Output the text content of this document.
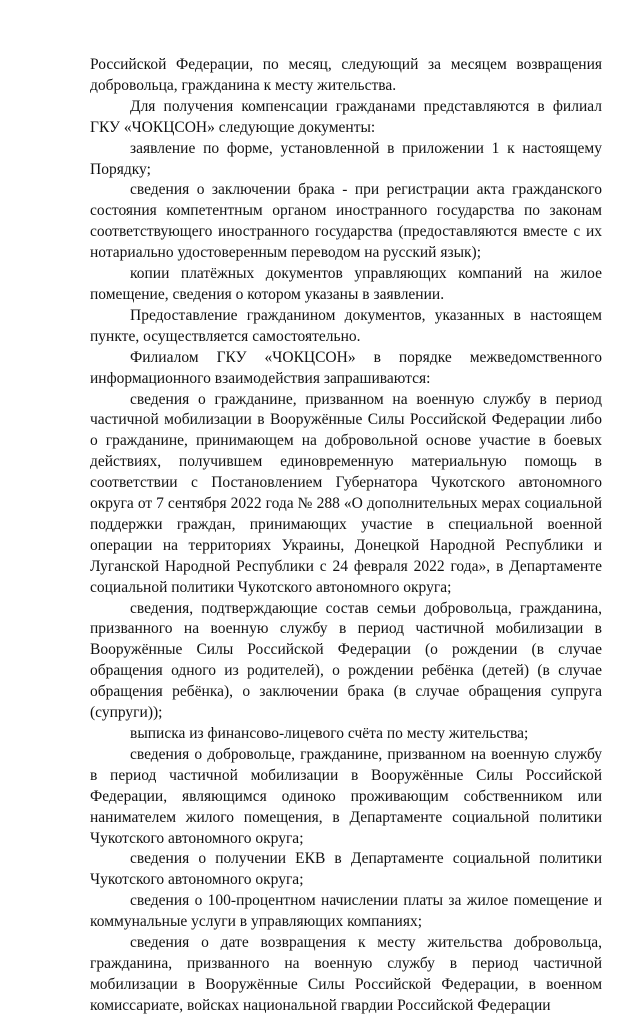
Российской Федерации, по месяц, следующий за месяцем возвращения добровольца, гражданина к месту жительства.

Для получения компенсации гражданами представляются в филиал ГКУ «ЧОКЦСОН» следующие документы:

заявление по форме, установленной в приложении 1 к настоящему Порядку;

сведения о заключении брака - при регистрации акта гражданского состояния компетентным органом иностранного государства по законам соответствующего иностранного государства (предоставляются вместе с их нотариально удостоверенным переводом на русский язык);

копии платёжных документов управляющих компаний на жилое помещение, сведения о котором указаны в заявлении.

Предоставление гражданином документов, указанных в настоящем пункте, осуществляется самостоятельно.

Филиалом ГКУ «ЧОКЦСОН» в порядке межведомственного информационного взаимодействия запрашиваются:

сведения о гражданине, призванном на военную службу в период частичной мобилизации в Вооружённые Силы Российской Федерации либо о гражданине, принимающем на добровольной основе участие в боевых действиях, получившем единовременную материальную помощь в соответствии с Постановлением Губернатора Чукотского автономного округа от 7 сентября 2022 года № 288 «О дополнительных мерах социальной поддержки граждан, принимающих участие в специальной военной операции на территориях Украины, Донецкой Народной Республики и Луганской Народной Республики с 24 февраля 2022 года», в Департаменте социальной политики Чукотского автономного округа;

сведения, подтверждающие состав семьи добровольца, гражданина, призванного на военную службу в период частичной мобилизации в Вооружённые Силы Российской Федерации (о рождении (в случае обращения одного из родителей), о рождении ребёнка (детей) (в случае обращения ребёнка), о заключении брака (в случае обращения супруга (супруги));

выписка из финансово-лицевого счёта по месту жительства;

сведения о добровольце, гражданине, призванном на военную службу в период частичной мобилизации в Вооружённые Силы Российской Федерации, являющимся одиноко проживающим собственником или нанимателем жилого помещения, в Департаменте социальной политики Чукотского автономного округа;

сведения о получении ЕКВ в Департаменте социальной политики Чукотского автономного округа;

сведения о 100-процентном начислении платы за жилое помещение и коммунальные услуги в управляющих компаниях;

сведения о дате возвращения к месту жительства добровольца, гражданина, призванного на военную службу в период частичной мобилизации в Вооружённые Силы Российской Федерации, в военном комиссариате, войсках национальной гвардии Российской Федерации
